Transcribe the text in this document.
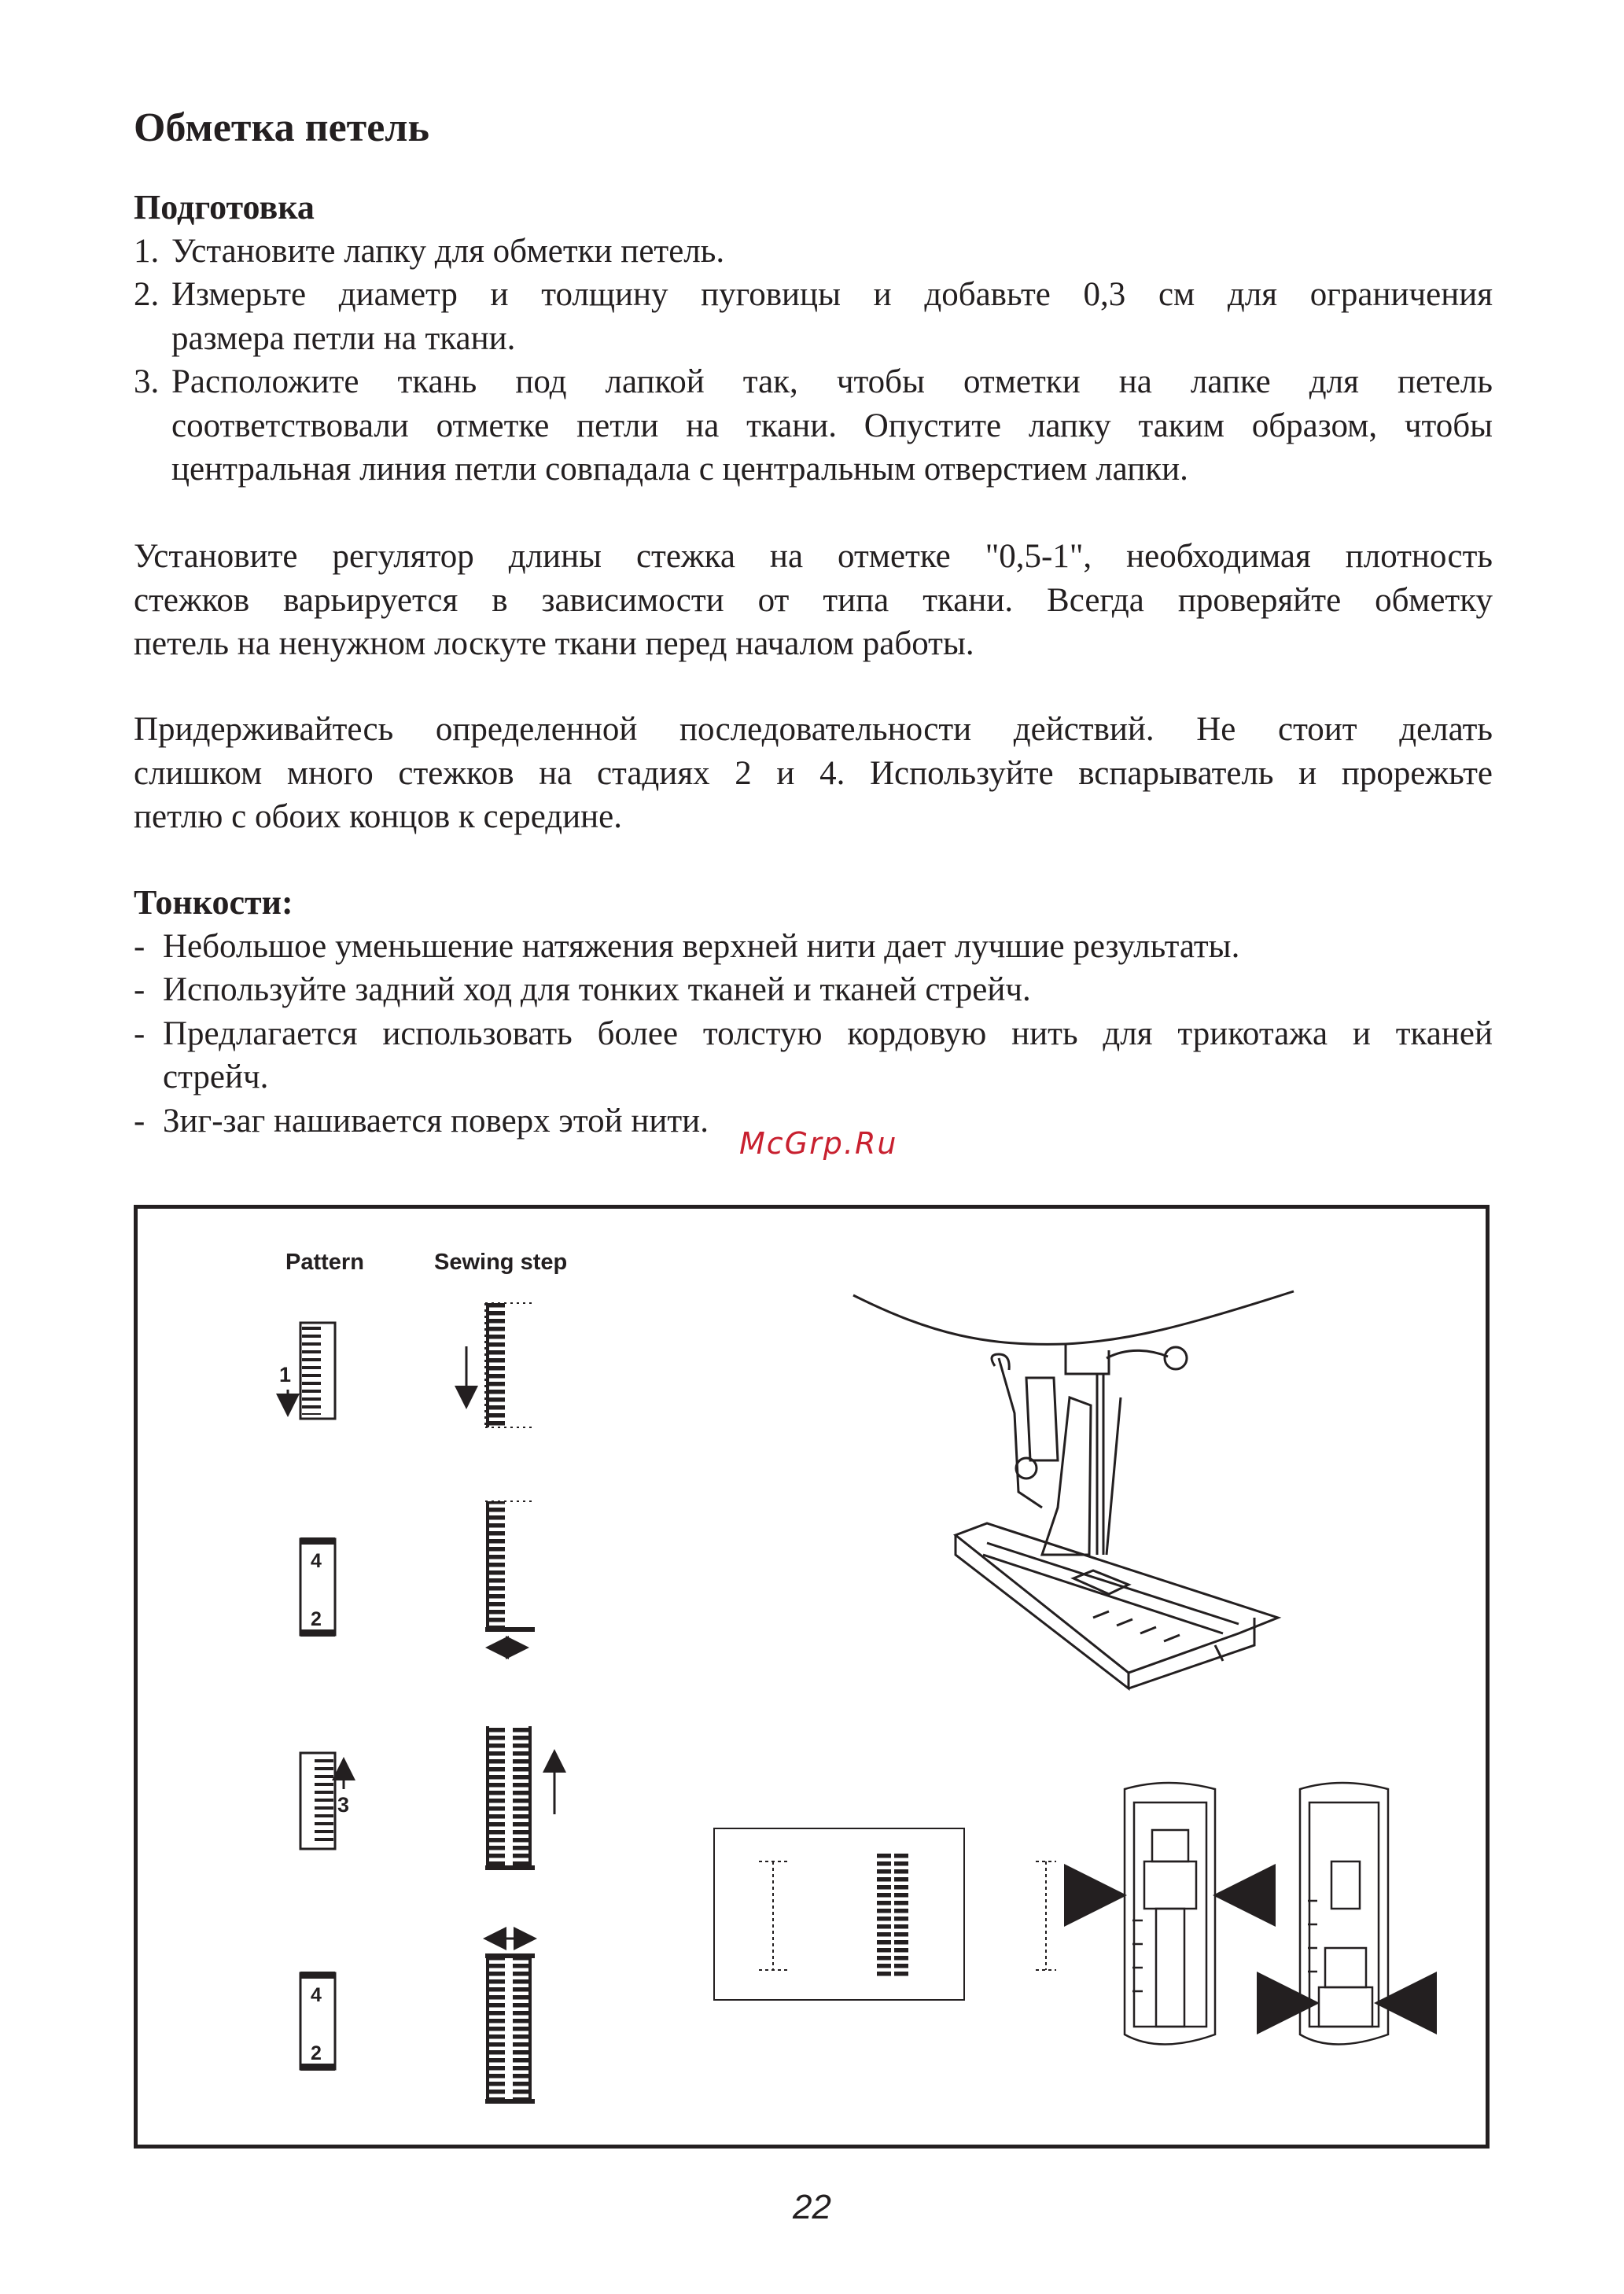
Обметка петель
Подготовка
1. Установите лапку для обметки петель.
2. Измерьте диаметр и толщину пуговицы и добавьте 0,3 см для ограничения
размера петли на ткани.
3. Расположите ткань под лапкой так, чтобы отметки на лапке для петель
соответствовали отметке петли на ткани. Опустите лапку таким образом, чтобы
центральная линия петли совпадала с центральным отверстием лапки.
Установите регулятор длины стежка на отметке "0,5-1", необходимая плотность
стежков варьируется в зависимости от типа ткани. Всегда проверяйте обметку
петель на ненужном лоскуте ткани перед началом работы.
Придерживайтесь определенной последовательности действий. Не стоит делать
слишком много стежков на стадиях 2 и 4. Используйте вспарыватель и прорежьте
петлю с обоих концов к середине.
Тонкости:
- Небольшое уменьшение натяжения верхней нити дает лучшие результаты.
- Используйте задний ход для тонких тканей и тканей стрейч.
- Предлагается использовать более толстую кордовую нить для трикотажа и тканей
стрейч.
- Зиг-заг нашивается поверх этой нити.
McGrp.Ru
Pattern	Sewing step
1
4
2
3
4
2
22
